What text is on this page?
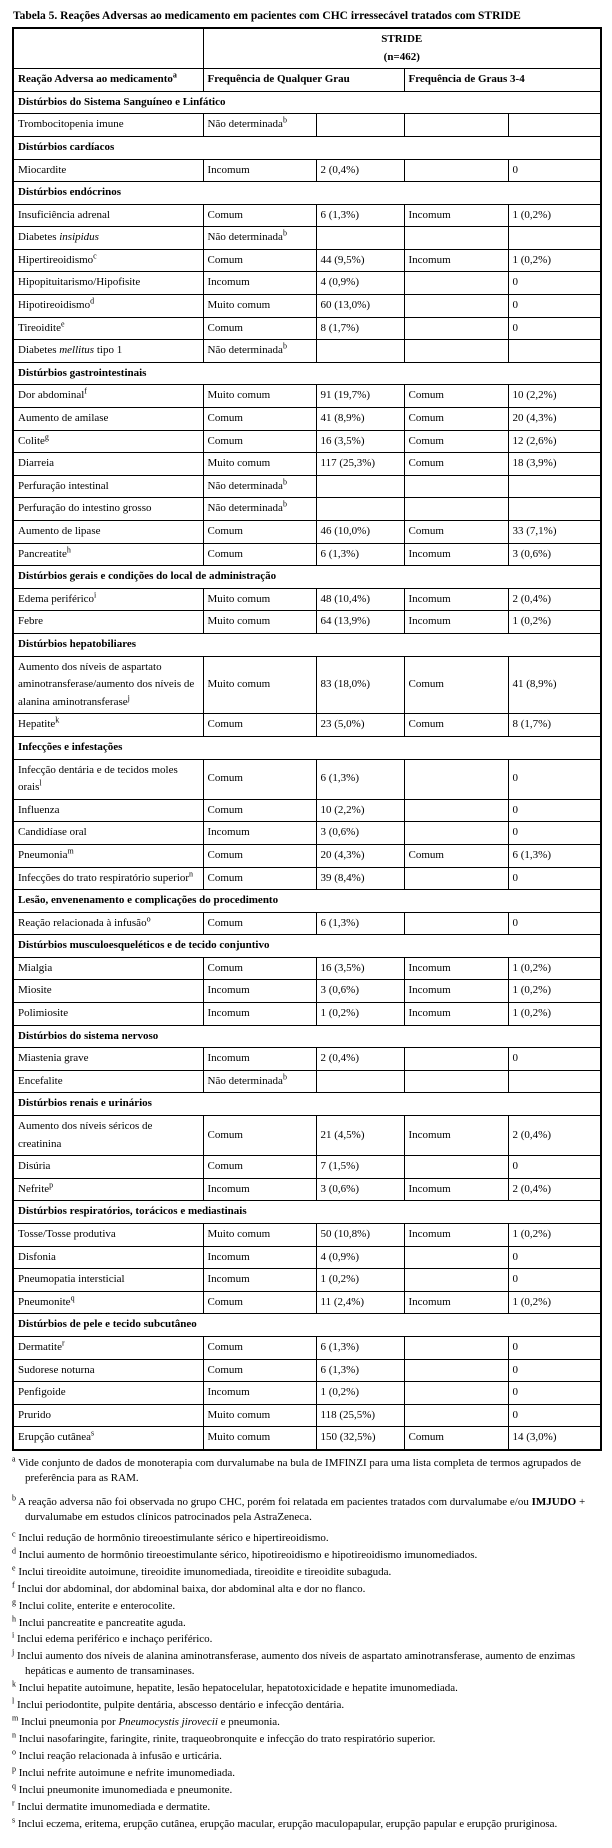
Tabela 5. Reações Adversas ao medicamento em pacientes com CHC irressecável tratados com STRIDE

	STRIDE
(n=462)			

Reação Adversa ao medicamento$^a$	Frequência de Qualquer Grau		Frequência de Graus 3-4	
Distúrbios do Sistema Sanguíneo e Linfático				
Trombocitopenia imune	Não determinada$^b$			
Distúrbios cardíacos				
Miocardite	Incomum	2 (0,4%)		0
Distúrbios endócrinos				
Insuficiência adrenal	Comum	6 (1,3%)	Incomum	1 (0,2%)
Diabetes insipidus	Não determinada$^b$			
Hipertireoidismo$^c$	Comum	44 (9,5%)	Incomum	1 (0,2%)
Hipopituitarismo/Hipofisite	Incomum	4 (0,9%)		0
Hipotireoidismo$^d$	Muito comum	60 (13,0%)		0
Tireoidite$^e$	Comum	8 (1,7%)		0
Diabetes mellitus tipo 1	Não determinada$^b$			
Distúrbios gastrointestinais				
Dor abdominal$^f$	Muito comum	91 (19,7%)	Comum	10 (2,2%)
Aumento de amilase	Comum	41 (8,9%)	Comum	20 (4,3%)
Colite$^g$	Comum	16 (3,5%)	Comum	12 (2,6%)
Diarreia	Muito comum	117 (25,3%)	Comum	18 (3,9%)
Perfuração intestinal	Não determinada$^b$			
Perfuração do intestino grosso	Não determinada$^b$			
Aumento de lipase	Comum	46 (10,0%)	Comum	33 (7,1%)
Pancreatite$^h$	Comum	6 (1,3%)	Incomum	3 (0,6%)
Distúrbios gerais e condições do local de administração				
Edema periférico$^i$	Muito comum	48 (10,4%)	Incomum	2 (0,4%)
Febre	Muito comum	64 (13,9%)	Incomum	1 (0,2%)
Distúrbios hepatobiliares				
Aumento dos níveis de aspartato aminotransferase/aumento dos níveis de alanina aminotransferase$^j$	Muito comum	83 (18,0%)	Comum	41 (8,9%)
Hepatite$^k$	Comum	23 (5,0%)	Comum	8 (1,7%)
Infecções e infestações				
Infecção dentária e de tecidos moles orais$^l$	Comum	6 (1,3%)		0
Influenza	Comum	10 (2,2%)		0
Candidíase oral	Incomum	3 (0,6%)		0
Pneumonia$^m$	Comum	20 (4,3%)	Comum	6 (1,3%)
Infecções do trato respiratório superior$^n$	Comum	39 (8,4%)		0
Lesão, envenenamento e complicações do procedimento				
Reação relacionada à infusão$^o$	Comum	6 (1,3%)		0
Distúrbios musculoesqueléticos e de tecido conjuntivo				
Mialgia	Comum	16 (3,5%)	Incomum	1 (0,2%)
Miosite	Incomum	3 (0,6%)	Incomum	1 (0,2%)
Polimiosite	Incomum	1 (0,2%)	Incomum	1 (0,2%)
Distúrbios do sistema nervoso				
Miastenia grave	Incomum	2 (0,4%)		0
Encefalite	Não determinada$^b$			
Distúrbios renais e urinários				
Aumento dos níveis séricos de creatinina	Comum	21 (4,5%)	Incomum	2 (0,4%)
Disúria	Comum	7 (1,5%)		0
Nefrite$^p$	Incomum	3 (0,6%)	Incomum	2 (0,4%)
Distúrbios respiratórios, torácicos e mediastinais				
Tosse/Tosse produtiva	Muito comum	50 (10,8%)	Incomum	1 (0,2%)
Disfonia	Incomum	4 (0,9%)		0
Pneumopatia intersticial	Incomum	1 (0,2%)		0
Pneumonite$^q$	Comum	11 (2,4%)	Incomum	1 (0,2%)
Distúrbios de pele e tecido subcutâneo				
Dermatite$^r$	Comum	6 (1,3%)		0
Sudorese noturna	Comum	6 (1,3%)		0
Penfigoide	Incomum	1 (0,2%)		0
Prurido	Muito comum	118 (25,5%)		0
Erupção cutânea$^s$	Muito comum	150 (32,5%)	Comum	14 (3,0%)
$^a$ Vide conjunto de dados de monoterapia com durvalumabe na bula de IMFINZI para uma lista completa de termos agrupados de preferência para as RAM.
$^b$ A reação adversa não foi observada no grupo CHC, porém foi relatada em pacientes tratados com durvalumabe e/ou IMJUDO + durvalumabe em estudos clínicos patrocinados pela AstraZeneca.
$^c$ Inclui redução de hormônio tireoestimulante sérico e hipertireoidismo.
$^d$ Inclui aumento de hormônio tireoestimulante sérico, hipotireoidismo e hipotireoidismo imunomediados.
$^e$ Inclui tireoidite autoimune, tireoidite imunomediada, tireoidite e tireoidite subaguda.
$^f$ Inclui dor abdominal, dor abdominal baixa, dor abdominal alta e dor no flanco.
$^g$ Inclui colite, enterite e enterocolite.
$^h$ Inclui pancreatite e pancreatite aguda.
$^i$ Inclui edema periférico e inchaço periférico.
$^j$ Inclui aumento dos níveis de alanina aminotransferase, aumento dos níveis de aspartato aminotransferase, aumento de enzimas hepáticas e aumento de transaminases.
$^k$ Inclui hepatite autoimune, hepatite, lesão hepatocelular, hepatotoxicidade e hepatite imunomediada.
$^l$ Inclui periodontite, pulpite dentária, abscesso dentário e infecção dentária.
$^m$ Inclui pneumonia por Pneumocystis jirovecii e pneumonia.
$^n$ Inclui nasofaringite, faringite, rinite, traqueobronquite e infecção do trato respiratório superior.
$^o$ Inclui reação relacionada à infusão e urticária.
$^p$ Inclui nefrite autoimune e nefrite imunomediada.
$^q$ Inclui pneumonite imunomediada e pneumonite.
$^r$ Inclui dermatite imunomediada e dermatite.
$^s$ Inclui eczema, eritema, erupção cutânea, erupção macular, erupção maculopapular, erupção papular e erupção pruriginosa.
